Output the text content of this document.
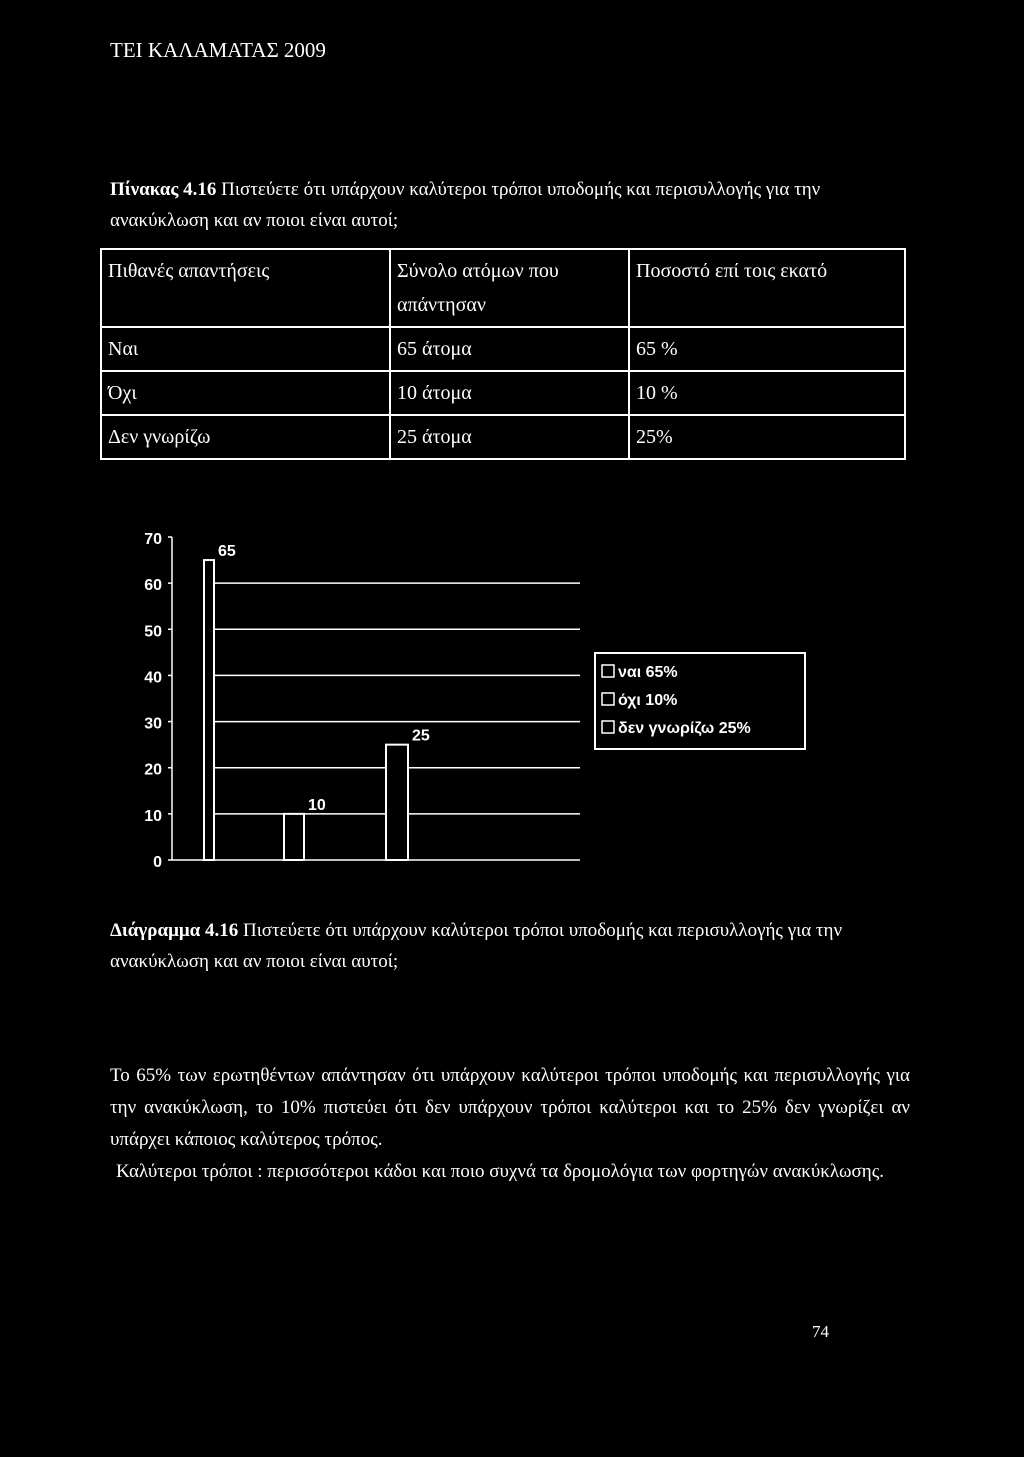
ΤΕΙ ΚΑΛΑΜΑΤΑΣ 2009
Πίνακας 4.16 Πιστεύετε ότι υπάρχουν καλύτεροι τρόποι υποδομής και περισυλλογής για την ανακύκλωση και αν ποιοι είναι αυτοί;
Πιθανές απαντήσεις	Σύνολο ατόμων που απάντησαν	Ποσοστό επί τοις εκατό
Ναι	65 άτομα	65 %
Όχι	10 άτομα	10 %
Δεν γνωρίζω	25 άτομα	25%
0
10
20
30
40
50
60
70
65
10
25
ναι 65%
όχι 10%
δεν γνωρίζω 25%
Διάγραμμα 4.16 Πιστεύετε ότι υπάρχουν καλύτεροι τρόποι υποδομής και περισυλλογής για την ανακύκλωση και αν ποιοι είναι αυτοί;

Το 65% των ερωτηθέντων απάντησαν ότι υπάρχουν καλύτεροι τρόποι υποδομής και περισυλλογής για την ανακύκλωση, το 10% πιστεύει ότι δεν υπάρχουν τρόποι καλύτεροι και το 25% δεν γνωρίζει αν υπάρχει κάποιος καλύτερος τρόπος.

Καλύτεροι τρόποι : περισσότεροι κάδοι και ποιο συχνά τα δρομολόγια των φορτηγών ανακύκλωσης.

74
